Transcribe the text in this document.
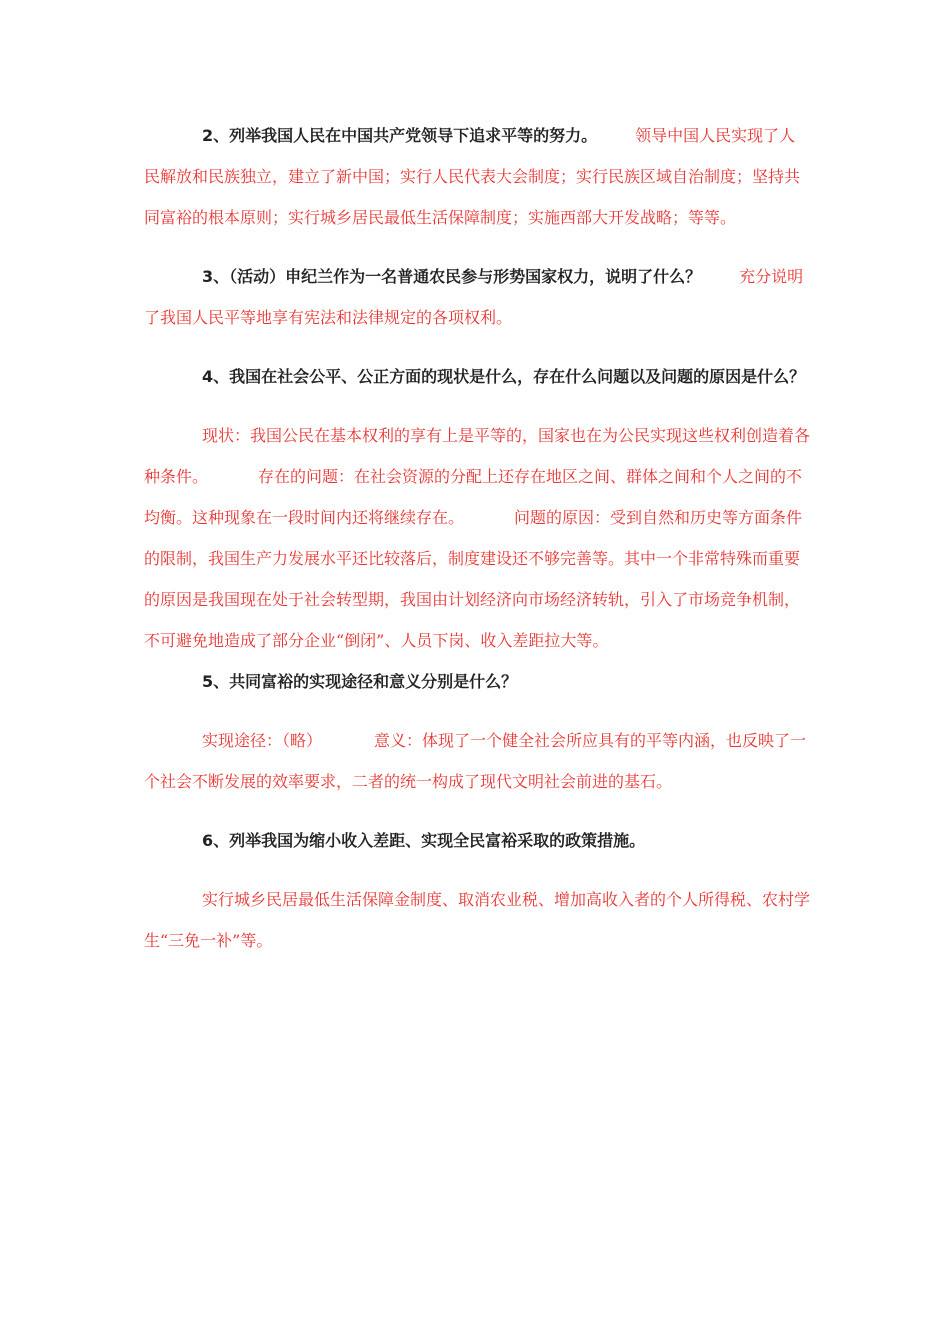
2、列举我国人民在中国共产党领导下追求平等的努力。 领导中国人民实现了人民解放和民族独立，建立了新中国；实行人民代表大会制度；实行民族区域自治制度；坚持共同富裕的根本原则；实行城乡居民最低生活保障制度；实施西部大开发战略；等等。

3、（活动）申纪兰作为一名普通农民参与形势国家权力，说明了什么？ 充分说明了我国人民平等地享有宪法和法律规定的各项权利。

4、我国在社会公平、公正方面的现状是什么，存在什么问题以及问题的原因是什么？

现状：我国公民在基本权利的享有上是平等的，国家也在为公民实现这些权利创造着各种条件。	存在的问题：在社会资源的分配上还存在地区之间、群体之间和个人之间的不均衡。这种现象在一段时间内还将继续存在。	问题的原因：受到自然和历史等方面条件的限制，我国生产力发展水平还比较落后，制度建设还不够完善等。其中一个非常特殊而重要的原因是我国现在处于社会转型期，我国由计划经济向市场经济转轨，引入了市场竞争机制，不可避免地造成了部分企业“倒闭”、人员下岗、收入差距拉大等。

5、共同富裕的实现途径和意义分别是什么？

实现途径：（略）	意义：体现了一个健全社会所应具有的平等内涵，也反映了一个社会不断发展的效率要求，二者的统一构成了现代文明社会前进的基石。

6、列举我国为缩小收入差距、实现全民富裕采取的政策措施。

实行城乡民居最低生活保障金制度、取消农业税、增加高收入者的个人所得税、农村学生“三免一补”等。
